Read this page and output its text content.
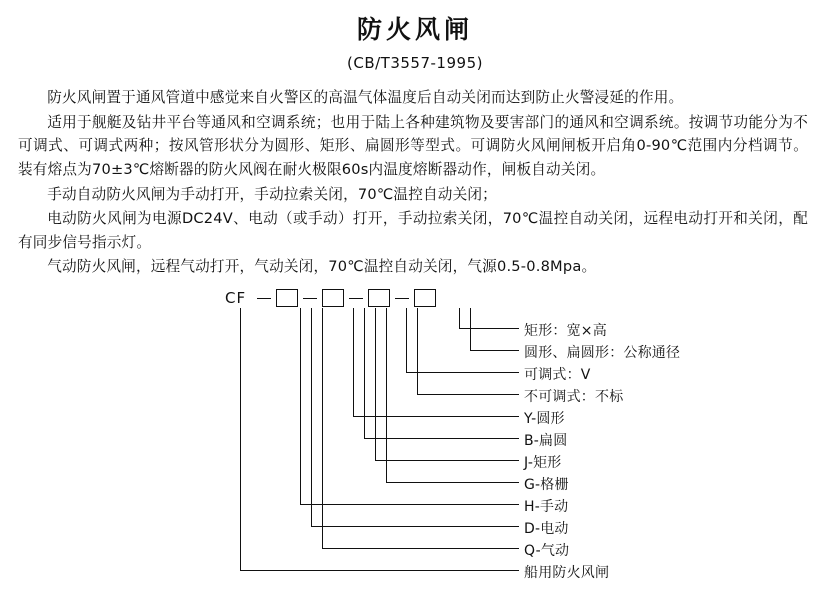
防火风闸
(CB/T3557-1995)

防火风闸置于通风管道中感觉来自火警区的高温气体温度后自动关闭而达到防止火警浸延的作用。

适用于舰艇及钻井平台等通风和空调系统；也用于陆上各种建筑物及要害部门的通风和空调系统。按调节功能分为不可调式、可调式两种；按风管形状分为圆形、矩形、扁圆形等型式。可调防火风闸闸板开启角0-90℃范围内分档调节。装有熔点为70±3℃熔断器的防火风阀在耐火极限60s内温度熔断器动作，闸板自动关闭。

手动自动防火风闸为手动打开，手动拉索关闭，70℃温控自动关闭；

电动防火风闸为电源DC24V、电动（或手动）打开，手动拉索关闭，70℃温控自动关闭，远程电动打开和关闭，配有同步信号指示灯。

气动防火风闸，远程气动打开，气动关闭，70℃温控自动关闭，气源0.5-0.8Mpa。

CF
矩形：宽×高
圆形、扁圆形：公称通径
可调式：V
不可调式：不标
Y-圆形
B-扁圆
J-矩形
G-格栅
H-手动
D-电动
Q-气动
船用防火风闸
